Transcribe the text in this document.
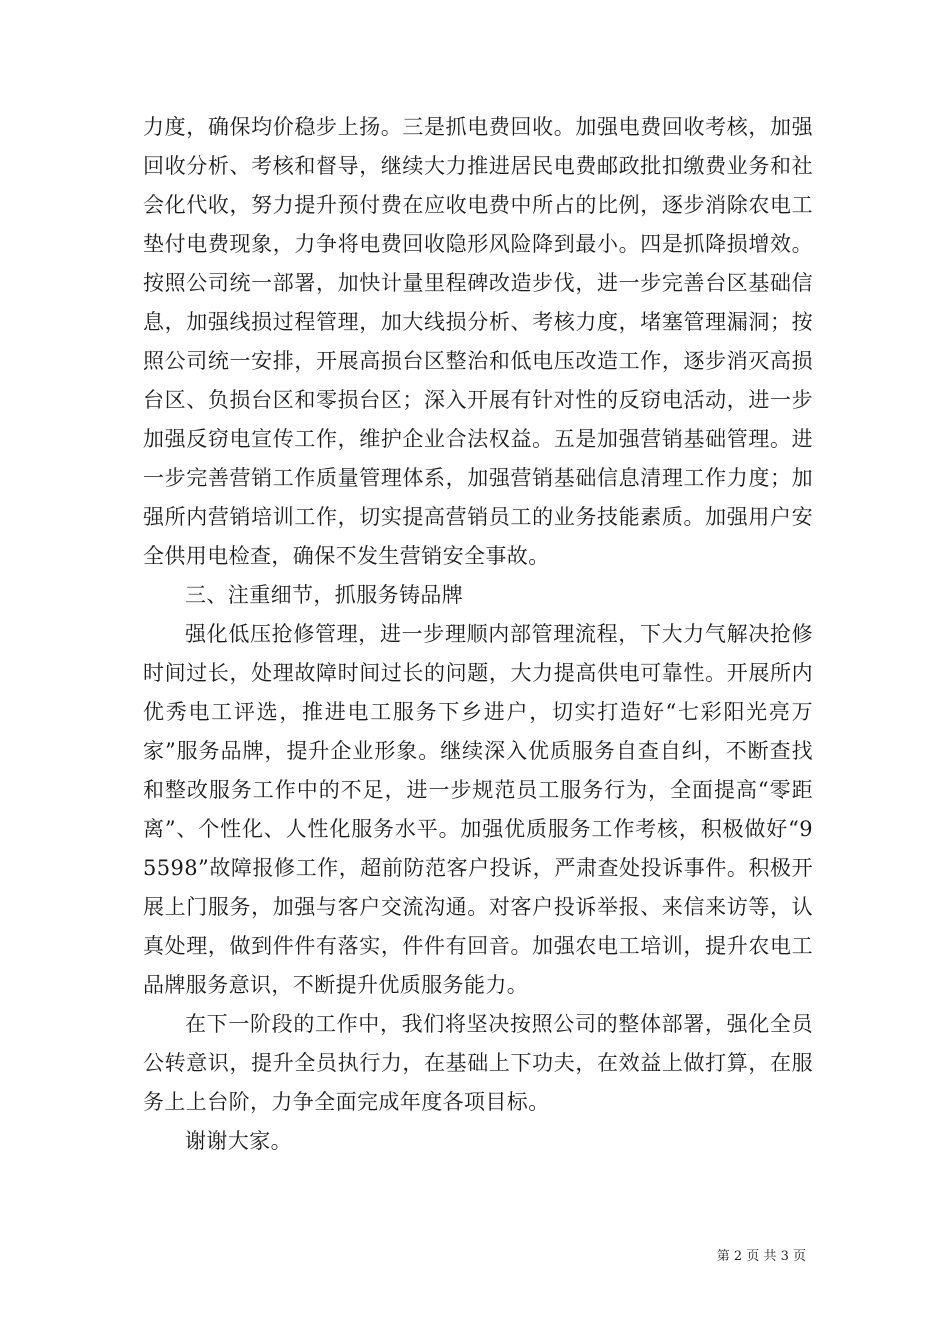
力度，确保均价稳步上扬。三是抓电费回收。加强电费回收考核，加强回收分析、考核和督导，继续大力推进居民电费邮政批扣缴费业务和社会化代收，努力提升预付费在应收电费中所占的比例，逐步消除农电工垫付电费现象，力争将电费回收隐形风险降到最小。四是抓降损增效。按照公司统一部署，加快计量里程碑改造步伐，进一步完善台区基础信息，加强线损过程管理，加大线损分析、考核力度，堵塞管理漏洞；按照公司统一安排，开展高损台区整治和低电压改造工作，逐步消灭高损台区、负损台区和零损台区；深入开展有针对性的反窃电活动，进一步加强反窃电宣传工作，维护企业合法权益。五是加强营销基础管理。进一步完善营销工作质量管理体系，加强营销基础信息清理工作力度；加强所内营销培训工作，切实提高营销员工的业务技能素质。加强用户安全供用电检查，确保不发生营销安全事故。

三、注重细节，抓服务铸品牌

强化低压抢修管理，进一步理顺内部管理流程，下大力气解决抢修时间过长，处理故障时间过长的问题，大力提高供电可靠性。开展所内优秀电工评选，推进电工服务下乡进户，切实打造好“七彩阳光亮万家”服务品牌，提升企业形象。继续深入优质服务自查自纠，不断查找和整改服务工作中的不足，进一步规范员工服务行为，全面提高“零距离”、个性化、人性化服务水平。加强优质服务工作考核，积极做好“95598”故障报修工作，超前防范客户投诉，严肃查处投诉事件。积极开展上门服务，加强与客户交流沟通。对客户投诉举报、来信来访等，认真处理，做到件件有落实，件件有回音。加强农电工培训，提升农电工品牌服务意识，不断提升优质服务能力。

在下一阶段的工作中，我们将坚决按照公司的整体部署，强化全员公转意识，提升全员执行力，在基础上下功夫，在效益上做打算，在服务上上台阶，力争全面完成年度各项目标。

谢谢大家。

第 2 页 共 3 页
